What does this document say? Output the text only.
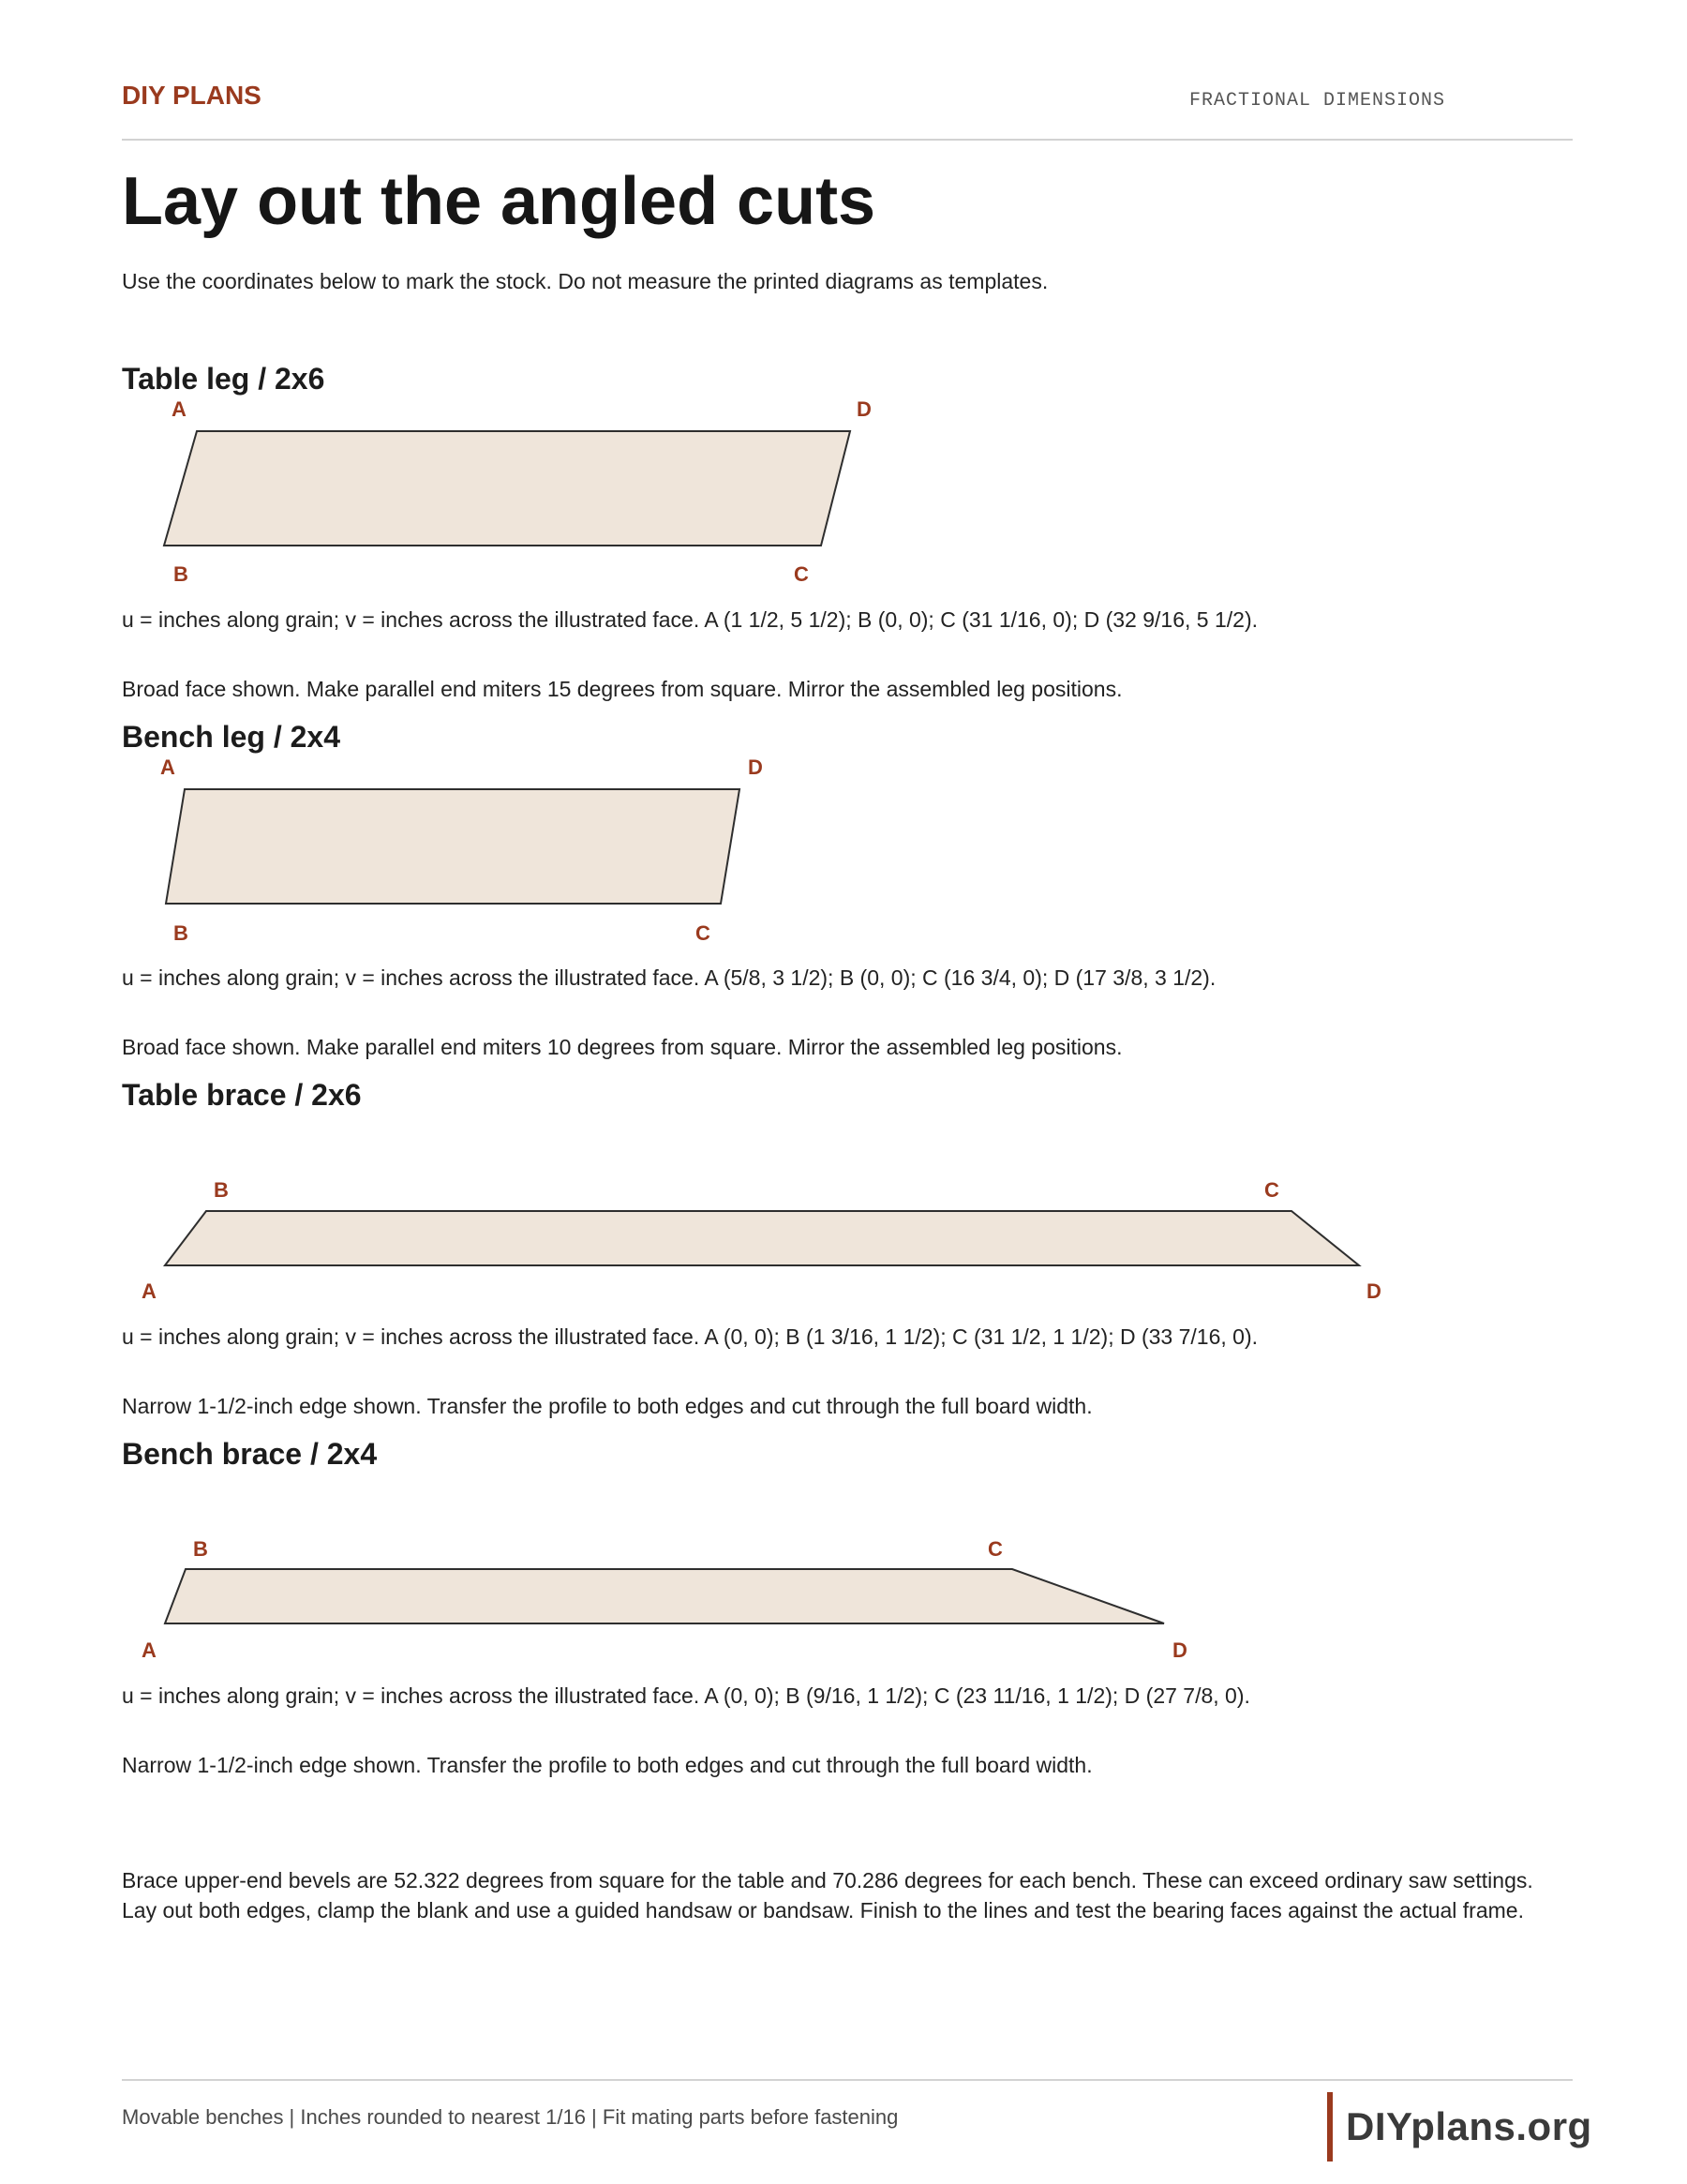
DIY PLANS	FRACTIONAL DIMENSIONS
Lay out the angled cuts
Use the coordinates below to mark the stock. Do not measure the printed diagrams as templates.
Table leg / 2x6
A	D
B	C
u = inches along grain; v = inches across the illustrated face. A (1 1/2, 5 1/2); B (0, 0); C (31 1/16, 0); D (32 9/16, 5 1/2).
Broad face shown. Make parallel end miters 15 degrees from square. Mirror the assembled leg positions.
Bench leg / 2x4
A	D
B	C
u = inches along grain; v = inches across the illustrated face. A (5/8, 3 1/2); B (0, 0); C (16 3/4, 0); D (17 3/8, 3 1/2).
Broad face shown. Make parallel end miters 10 degrees from square. Mirror the assembled leg positions.
Table brace / 2x6
B	C
A	D
u = inches along grain; v = inches across the illustrated face. A (0, 0); B (1 3/16, 1 1/2); C (31 1/2, 1 1/2); D (33 7/16, 0).
Narrow 1-1/2-inch edge shown. Transfer the profile to both edges and cut through the full board width.
Bench brace / 2x4
B	C
A	D
u = inches along grain; v = inches across the illustrated face. A (0, 0); B (9/16, 1 1/2); C (23 11/16, 1 1/2); D (27 7/8, 0).
Narrow 1-1/2-inch edge shown. Transfer the profile to both edges and cut through the full board width.
Brace upper-end bevels are 52.322 degrees from square for the table and 70.286 degrees for each bench. These can exceed ordinary saw settings. Lay out both edges, clamp the blank and use a guided handsaw or bandsaw. Finish to the lines and test the bearing faces against the actual frame.
Movable benches | Inches rounded to nearest 1/16 | Fit mating parts before fastening	DIYplans.org
